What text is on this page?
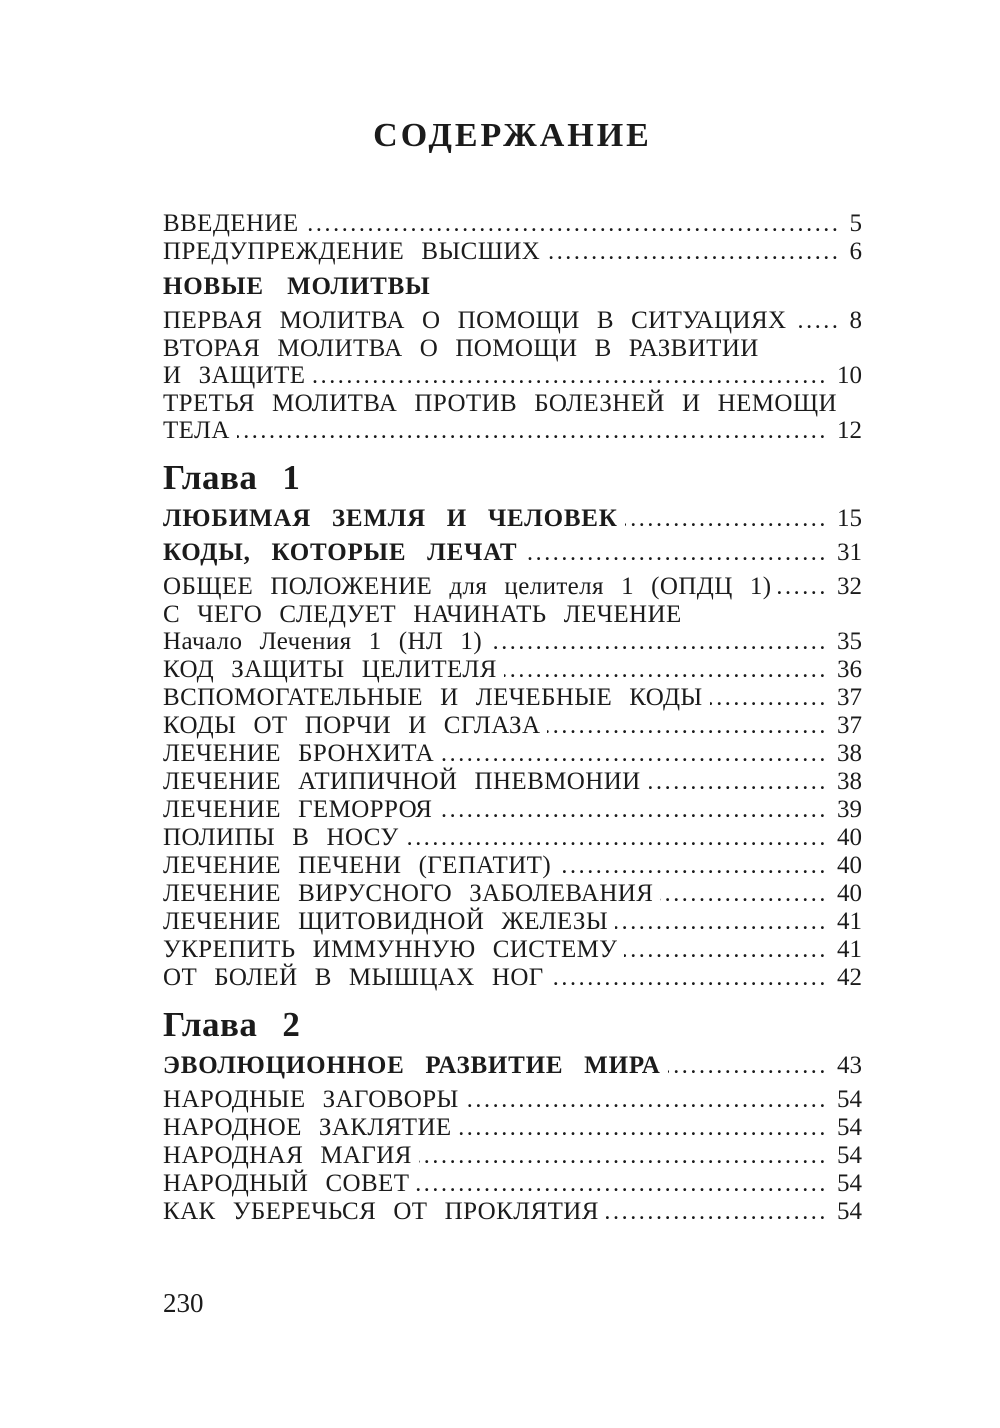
СОДЕРЖАНИЕ
ВВЕДЕНИЕ .....	5
ПРЕДУПРЕЖДЕНИЕ ВЫСШИХ .....	6
НОВЫЕ МОЛИТВЫ
ПЕРВАЯ МОЛИТВА О ПОМОЩИ В СИТУАЦИЯХ .....	8
ВТОРАЯ МОЛИТВА О ПОМОЩИ В РАЗВИТИИ
И ЗАЩИТЕ .....	10
ТРЕТЬЯ МОЛИТВА ПРОТИВ БОЛЕЗНЕЙ И НЕМОЩИ
ТЕЛА .....	12
Глава 1
ЛЮБИМАЯ ЗЕМЛЯ И ЧЕЛОВЕК .....	15
КОДЫ, КОТОРЫЕ ЛЕЧАТ .....	31
ОБЩЕЕ ПОЛОЖЕНИЕ для целителя 1 (ОПДЦ 1) .....	32
С ЧЕГО СЛЕДУЕТ НАЧИНАТЬ ЛЕЧЕНИЕ
Начало Лечения 1 (НЛ 1) .....	35
КОД ЗАЩИТЫ ЦЕЛИТЕЛЯ .....	36
ВСПОМОГАТЕЛЬНЫЕ И ЛЕЧЕБНЫЕ КОДЫ .....	37
КОДЫ ОТ ПОРЧИ И СГЛАЗА .....	37
ЛЕЧЕНИЕ БРОНХИТА .....	38
ЛЕЧЕНИЕ АТИПИЧНОЙ ПНЕВМОНИИ .....	38
ЛЕЧЕНИЕ ГЕМОРРОЯ .....	39
ПОЛИПЫ В НОСУ .....	40
ЛЕЧЕНИЕ ПЕЧЕНИ (ГЕПАТИТ) .....	40
ЛЕЧЕНИЕ ВИРУСНОГО ЗАБОЛЕВАНИЯ .....	40
ЛЕЧЕНИЕ ЩИТОВИДНОЙ ЖЕЛЕЗЫ .....	41
УКРЕПИТЬ ИММУННУЮ СИСТЕМУ .....	41
ОТ БОЛЕЙ В МЫШЦАХ НОГ .....	42
Глава 2
ЭВОЛЮЦИОННОЕ РАЗВИТИЕ МИРА .....	43
НАРОДНЫЕ ЗАГОВОРЫ .....	54
НАРОДНОЕ ЗАКЛЯТИЕ .....	54
НАРОДНАЯ МАГИЯ .....	54
НАРОДНЫЙ СОВЕТ .....	54
КАК УБЕРЕЧЬСЯ ОТ ПРОКЛЯТИЯ .....	54
230
